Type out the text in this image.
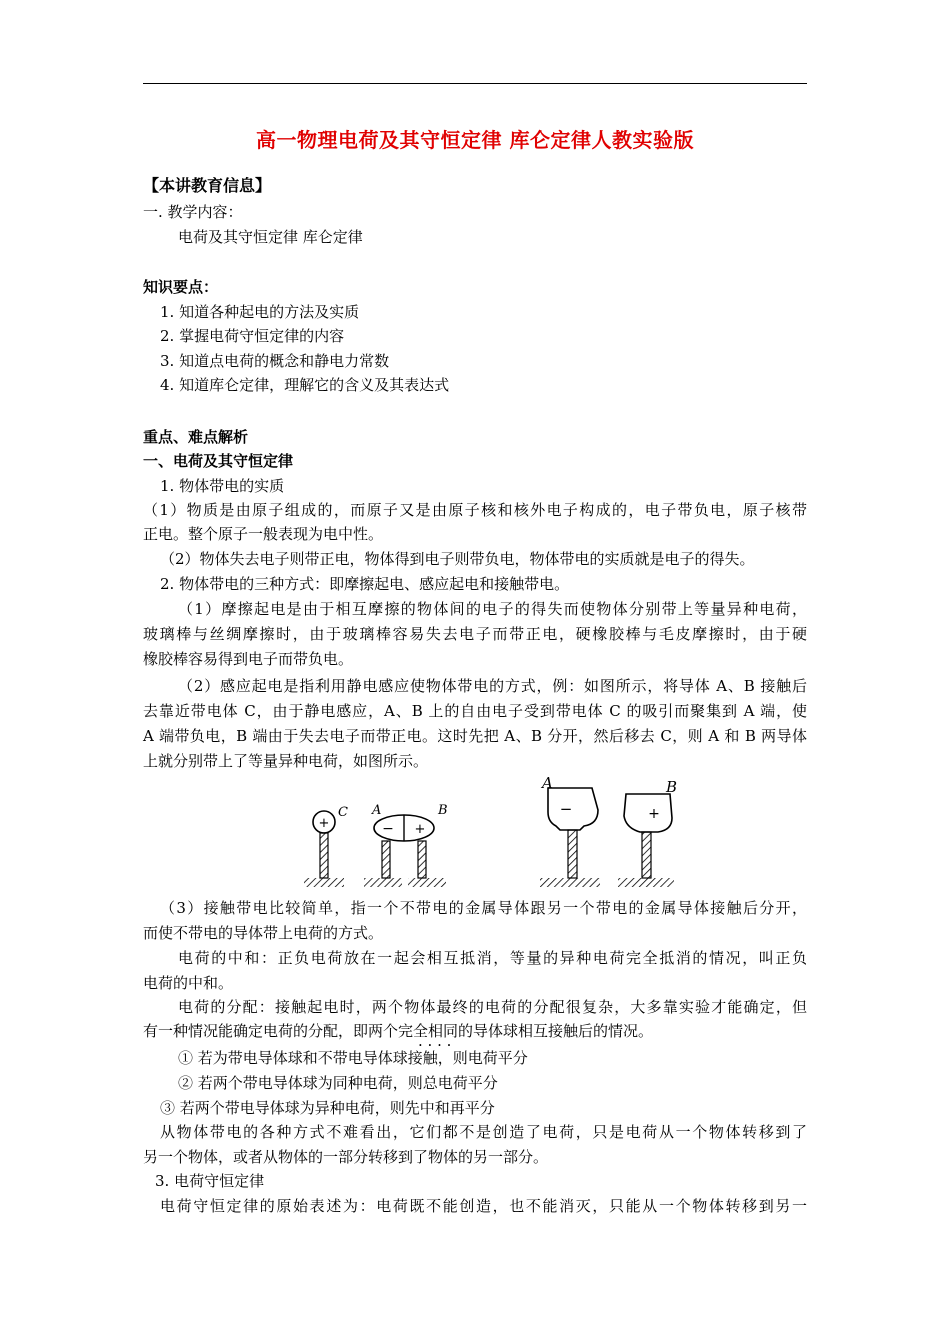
高一物理电荷及其守恒定律 库仑定律人教实验版
【本讲教育信息】
一. 教学内容：
电荷及其守恒定律 库仑定律
知识要点：
1. 知道各种起电的方法及实质
2. 掌握电荷守恒定律的内容
3. 知道点电荷的概念和静电力常数
4. 知道库仑定律，理解它的含义及其表达式
重点、难点解析
一、电荷及其守恒定律
1. 物体带电的实质
（1）物质是由原子组成的，而原子又是由原子核和核外电子构成的，电子带负电，原子核带
正电。整个原子一般表现为电中性。
（2）物体失去电子则带正电，物体得到电子则带负电，物体带电的实质就是电子的得失。
2. 物体带电的三种方式：即摩擦起电、感应起电和接触带电。
（1）摩擦起电是由于相互摩擦的物体间的电子的得失而使物体分别带上等量异种电荷，
玻璃棒与丝绸摩擦时，由于玻璃棒容易失去电子而带正电，硬橡胶棒与毛皮摩擦时，由于硬
橡胶棒容易得到电子而带负电。
（2）感应起电是指利用静电感应使物体带电的方式，例：如图所示，将导体 A、B 接触后
去靠近带电体 C，由于静电感应，A、B 上的自由电子受到带电体 C 的吸引而聚集到 A 端，使
A 端带负电，B 端由于失去电子而带正电。这时先把 A、B 分开，然后移去 C，则 A 和 B 两导体
上就分别带上了等量异种电荷，如图所示。
+
C
− +
A	B	−
A
+
B
（3）接触带电比较简单，指一个不带电的金属导体跟另一个带电的金属导体接触后分开，
而使不带电的导体带上电荷的方式。
电荷的中和：正负电荷放在一起会相互抵消，等量的异种电荷完全抵消的情况，叫正负
电荷的中和。
电荷的分配：接触起电时，两个物体最终的电荷的分配很复杂，大多靠实验才能确定，但
有一种情况能确定电荷的分配，即两个完全相同的导体球相互接触后的情况。
· · · ·
① 若为带电导体球和不带电导体球接触，则电荷平分
② 若两个带电导体球为同种电荷，则总电荷平分
③ 若两个带电导体球为异种电荷，则先中和再平分
从物体带电的各种方式不难看出，它们都不是创造了电荷，只是电荷从一个物体转移到了
另一个物体，或者从物体的一部分转移到了物体的另一部分。
3. 电荷守恒定律
电荷守恒定律的原始表述为：电荷既不能创造，也不能消灭，只能从一个物体转移到另一
